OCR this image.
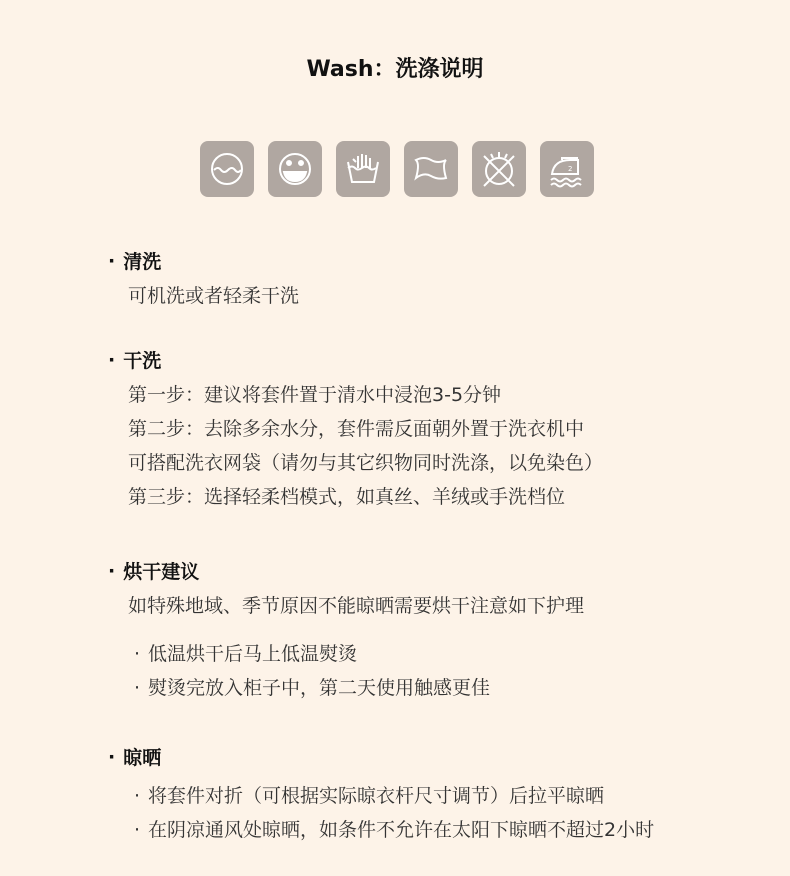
Wash：洗涤说明
2
· 清洗
可机洗或者轻柔干洗
· 干洗
第一步：建议将套件置于清水中浸泡3-5分钟
第二步：去除多余水分，套件需反面朝外置于洗衣机中
可搭配洗衣网袋（请勿与其它织物同时洗涤，以免染色）
第三步：选择轻柔档模式，如真丝、羊绒或手洗档位
· 烘干建议
如特殊地域、季节原因不能晾晒需要烘干注意如下护理
· 低温烘干后马上低温熨烫
· 熨烫完放入柜子中，第二天使用触感更佳
· 晾晒
· 将套件对折（可根据实际晾衣杆尺寸调节）后拉平晾晒
· 在阴凉通风处晾晒，如条件不允许在太阳下晾晒不超过2小时
